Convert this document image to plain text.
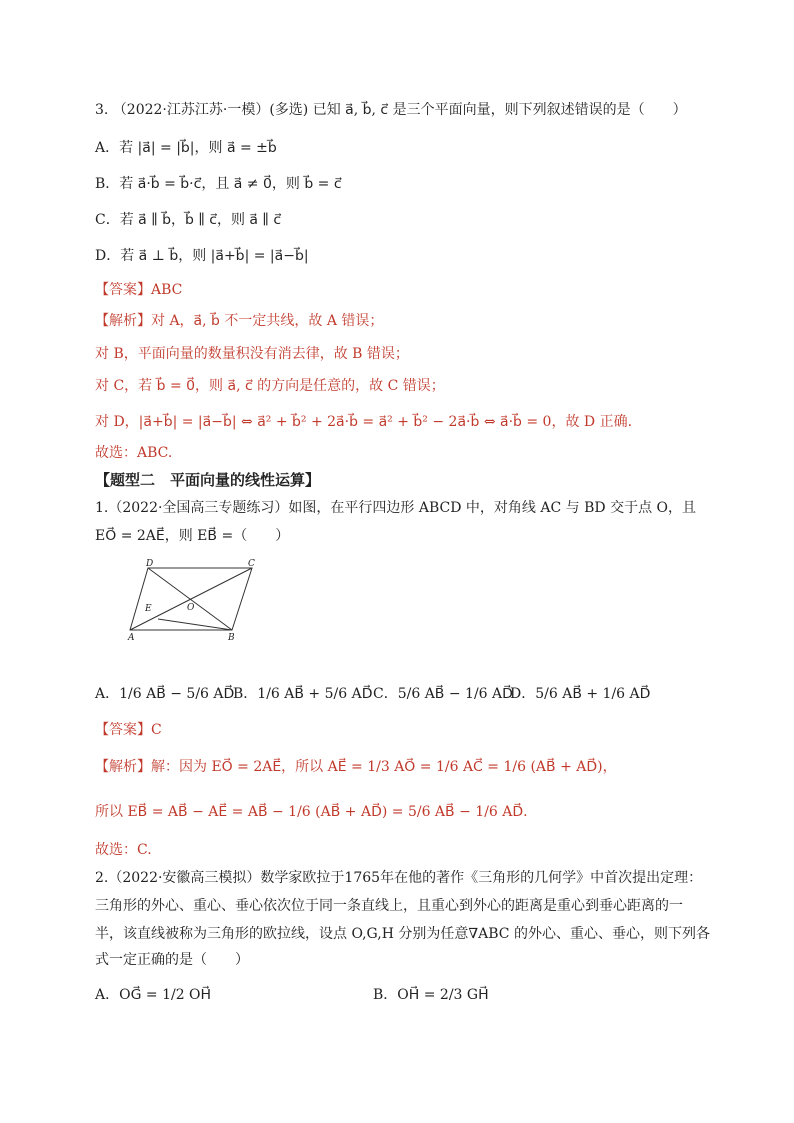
3. （2022·江苏江苏·一模）(多选) 已知 a⃗, b⃗, c⃗ 是三个平面向量，则下列叙述错误的是（　　）
A．若 |a⃗| = |b⃗|，则 a⃗ = ±b⃗
B．若 a⃗·b⃗ = b⃗·c⃗，且 a⃗ ≠ 0⃗，则 b⃗ = c⃗
C．若 a⃗ ∥ b⃗，b⃗ ∥ c⃗，则 a⃗ ∥ c⃗
D．若 a⃗ ⊥ b⃗，则 |a⃗+b⃗| = |a⃗−b⃗|
【答案】ABC
【解析】对 A，a⃗, b⃗ 不一定共线，故 A 错误；
对 B，平面向量的数量积没有消去律，故 B 错误；
对 C，若 b⃗ = 0⃗，则 a⃗, c⃗ 的方向是任意的，故 C 错误；
对 D，|a⃗+b⃗| = |a⃗−b⃗| ⇔ a⃗² + b⃗² + 2a⃗·b⃗ = a⃗² + b⃗² − 2a⃗·b⃗ ⇔ a⃗·b⃗ = 0，故 D 正确.
故选：ABC.
【题型二　平面向量的线性运算】
1.（2022·全国高三专题练习）如图，在平行四边形 ABCD 中，对角线 AC 与 BD 交于点 O，且
EO⃗ = 2AE⃗，则 EB⃗ =（　　）
D	C
E	O
A	B
A．1/6 AB⃗ − 5/6 AD⃗
B．1/6 AB⃗ + 5/6 AD⃗ C．5/6 AB⃗ − 1/6 AD⃗
D．5/6 AB⃗ + 1/6 AD⃗
【答案】C
【解析】解：因为 EO⃗ = 2AE⃗，所以 AE⃗ = 1/3 AO⃗ = 1/6 AC⃗ = 1/6 (AB⃗ + AD⃗)，
所以 EB⃗ = AB⃗ − AE⃗ = AB⃗ − 1/6 (AB⃗ + AD⃗) = 5/6 AB⃗ − 1/6 AD⃗.
故选：C.
2.（2022·安徽高三模拟）数学家欧拉于1765年在他的著作《三角形的几何学》中首次提出定理：
三角形的外心、重心、垂心依次位于同一条直线上，且重心到外心的距离是重心到垂心距离的一
半，该直线被称为三角形的欧拉线，设点 O,G,H 分别为任意∇ABC 的外心、重心、垂心，则下列各
式一定正确的是（　　）
A．OG⃗ = 1/2 OH⃗	B．OH⃗ = 2/3 GH⃗
